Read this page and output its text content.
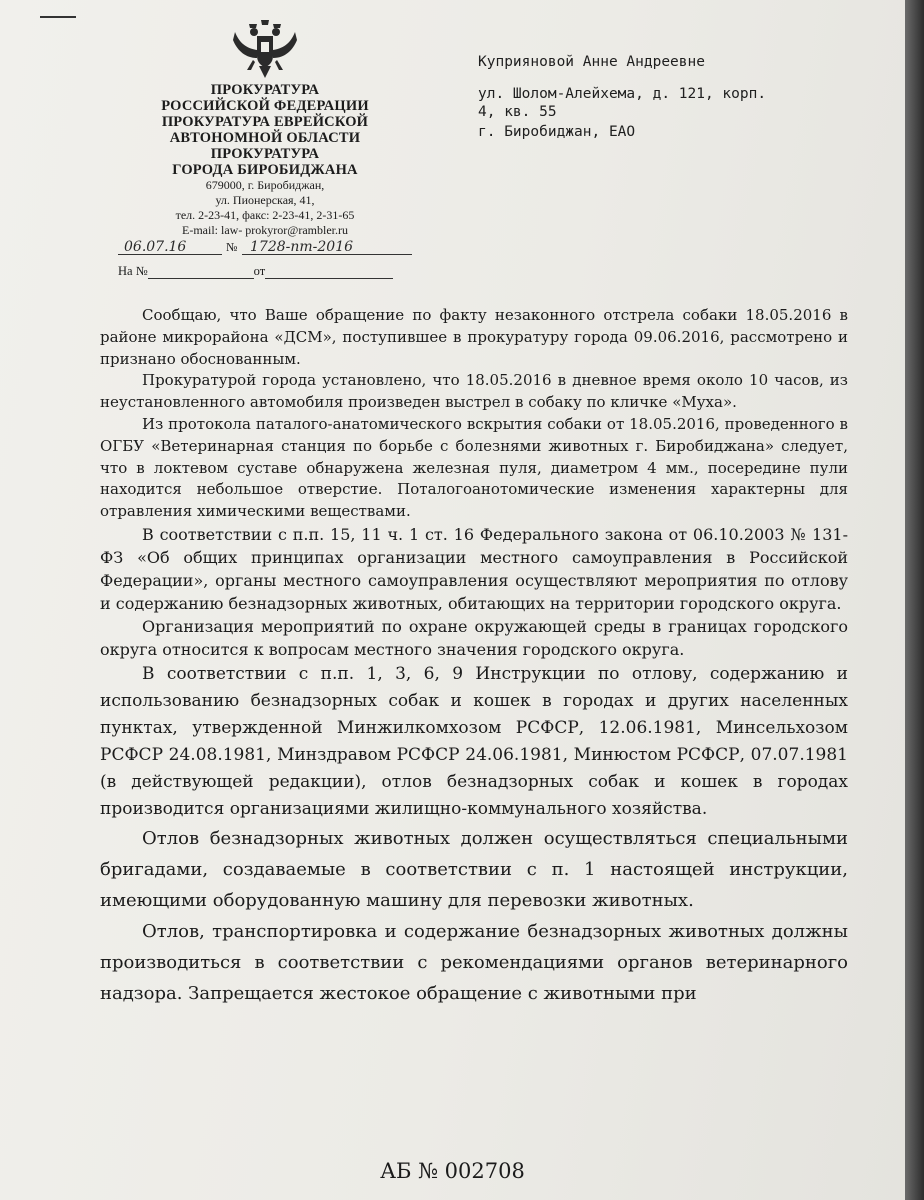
ПРОКУРАТУРА
РОССИЙСКОЙ ФЕДЕРАЦИИ
ПРОКУРАТУРА ЕВРЕЙСКОЙ
АВТОНОМНОЙ ОБЛАСТИ
ПРОКУРАТУРА
ГОРОДА БИРОБИДЖАНА
679000, г. Биробиджан,
ул. Пионерская, 41,
тел. 2-23-41, факс: 2-23-41, 2-31-65
E-mail: law- prokyror@rambler.ru
06.07.16	№ 1728-пт-2016
На №	от
Куприяновой Анне Андреевне
ул. Шолом-Алейхема, д. 121, корп.
4, кв. 55
г. Биробиджан, ЕАО

Сообщаю, что Ваше обращение по факту незаконного отстрела собаки 18.05.2016 в районе микрорайона «ДСМ», поступившее в прокуратуру города 09.06.2016, рассмотрено и признано обоснованным.

Прокуратурой города установлено, что 18.05.2016 в дневное время около 10 часов, из неустановленного автомобиля произведен выстрел в собаку по кличке «Муха».

Из протокола паталого-анатомического вскрытия собаки от 18.05.2016, проведенного в ОГБУ «Ветеринарная станция по борьбе с болезнями животных г. Биробиджана» следует, что в локтевом суставе обнаружена железная пуля, диаметром 4 мм., посередине пули находится небольшое отверстие. Поталогоанотомические изменения характерны для отравления химическими веществами.

В соответствии с п.п. 15, 11 ч. 1 ст. 16 Федерального закона от 06.10.2003 № 131-ФЗ «Об общих принципах организации местного самоуправления в Российской Федерации», органы местного самоуправления осуществляют мероприятия по отлову и содержанию безнадзорных животных, обитающих на территории городского округа.

Организация мероприятий по охране окружающей среды в границах городского округа относится к вопросам местного значения городского округа.

В соответствии с п.п. 1, 3, 6, 9 Инструкции по отлову, содержанию и использованию безнадзорных собак и кошек в городах и других населенных пунктах, утвержденной Минжилкомхозом РСФСР, 12.06.1981, Минсельхозом РСФСР 24.08.1981, Минздравом РСФСР 24.06.1981, Минюстом РСФСР, 07.07.1981 (в действующей редакции), отлов безнадзорных собак и кошек в городах производится организациями жилищно-коммунального хозяйства.

Отлов безнадзорных животных должен осуществляться специальными бригадами, создаваемые в соответствии с п. 1 настоящей инструкции, имеющими оборудованную машину для перевозки животных.

Отлов, транспортировка и содержание безнадзорных животных должны производиться в соответствии с рекомендациями органов ветеринарного надзора. Запрещается жестокое обращение с животными при

АБ № 002708
